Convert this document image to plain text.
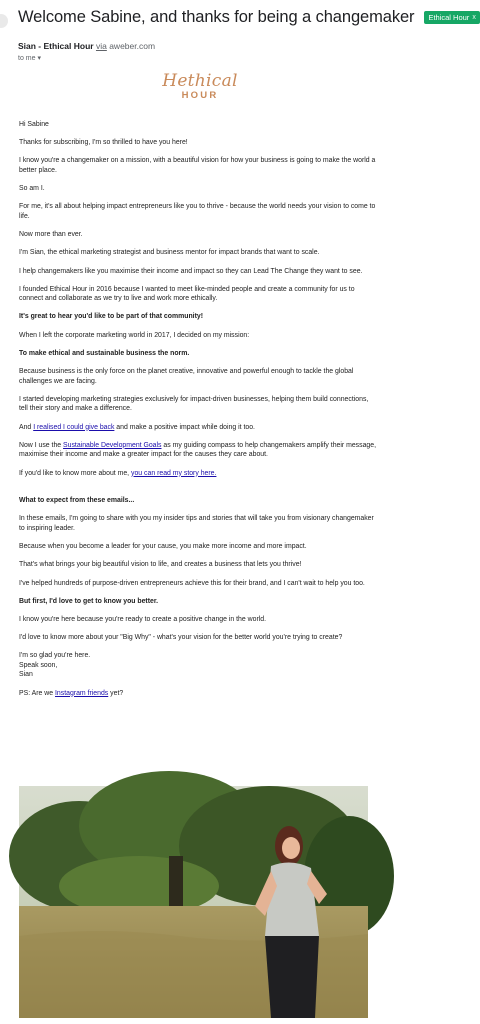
Welcome Sabine, and thanks for being a changemaker Ethical Hour x
Sian - Ethical Hour via aweber.com
to me ▾
Hethical
HOUR

Hi Sabine

Thanks for subscribing, I'm so thrilled to have you here!

I know you're a changemaker on a mission, with a beautiful vision for how your business is going to make the world a better place.

So am I.

For me, it's all about helping impact entrepreneurs like you to thrive - because the world needs your vision to come to life.

Now more than ever.

I'm Sian, the ethical marketing strategist and business mentor for impact brands that want to scale.

I help changemakers like you maximise their income and impact so they can Lead The Change they want to see.

I founded Ethical Hour in 2016 because I wanted to meet like-minded people and create a community for us to connect and collaborate as we try to live and work more ethically.

It's great to hear you'd like to be part of that community!

When I left the corporate marketing world in 2017, I decided on my mission:

To make ethical and sustainable business the norm.

Because business is the only force on the planet creative, innovative and powerful enough to tackle the global challenges we are facing.

I started developing marketing strategies exclusively for impact-driven businesses, helping them build connections, tell their story and make a difference.

And I realised I could give back and make a positive impact while doing it too.

Now I use the Sustainable Development Goals as my guiding compass to help changemakers amplify their message, maximise their income and make a greater impact for the causes they care about.

If you'd like to know more about me, you can read my story here.

What to expect from these emails...

In these emails, I'm going to share with you my insider tips and stories that will take you from visionary changemaker to inspiring leader.

Because when you become a leader for your cause, you make more income and more impact.

That's what brings your big beautiful vision to life, and creates a business that lets you thrive!

I've helped hundreds of purpose-driven entrepreneurs achieve this for their brand, and I can't wait to help you too.

But first, I'd love to get to know you better.

I know you're here because you're ready to create a positive change in the world.

I'd love to know more about your "Big Why" - what's your vision for the better world you're trying to create?

I'm so glad you're here.
Speak soon,
Sian

PS: Are we Instagram friends yet?
